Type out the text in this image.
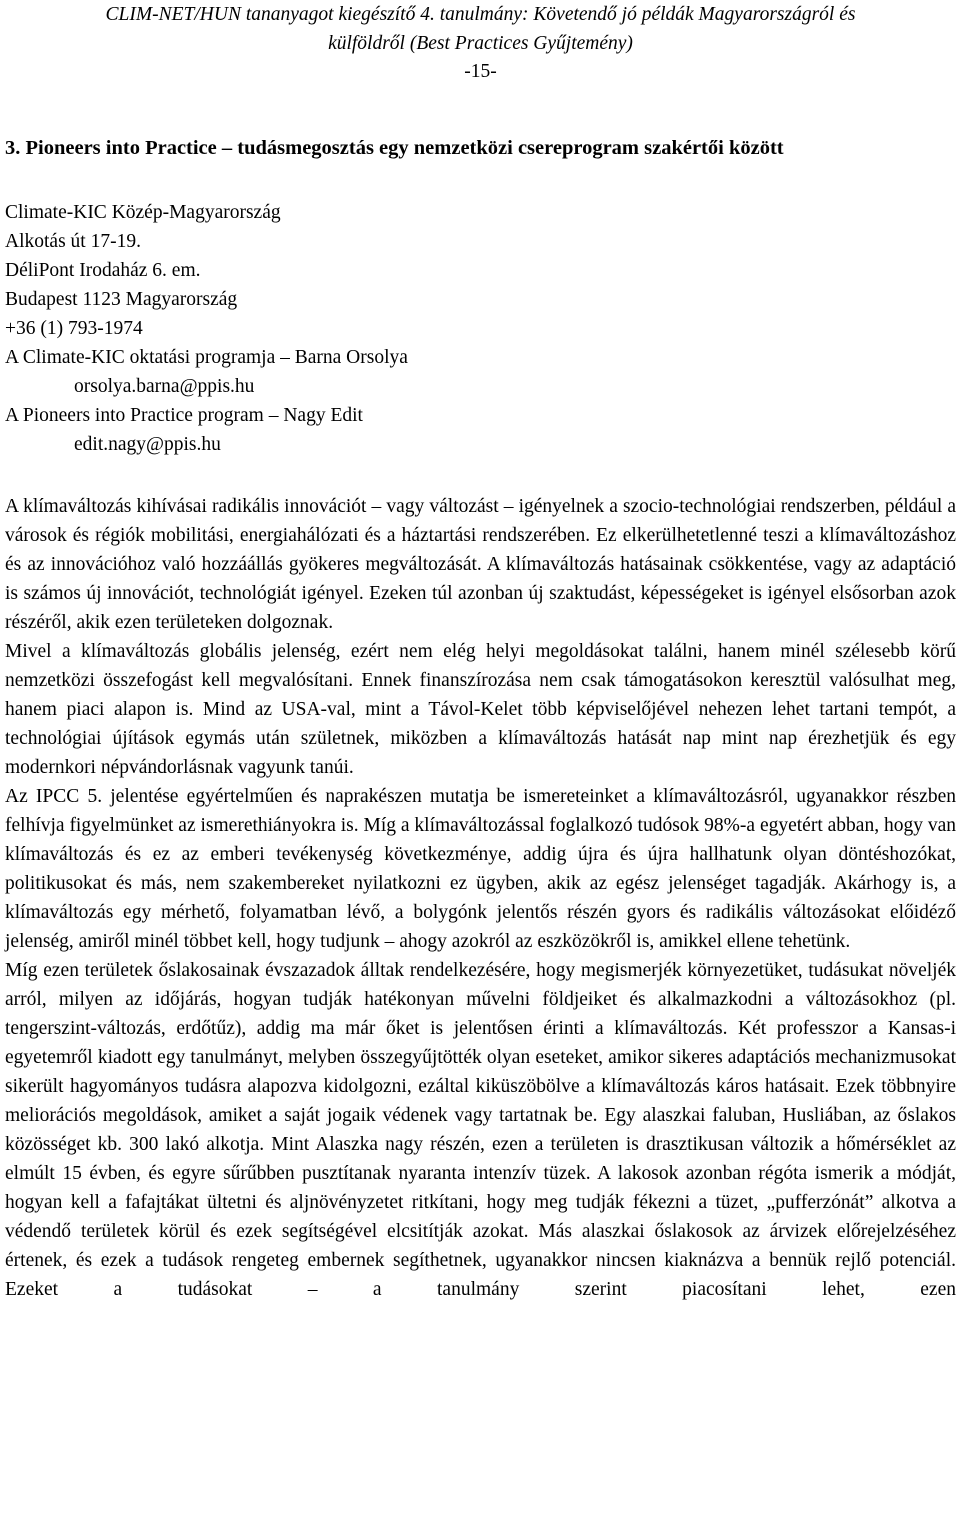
CLIM-NET/HUN tananyagot kiegészítő 4. tanulmány: Követendő jó példák Magyarországról és
külföldről (Best Practices Gyűjtemény)
-15-
3. Pioneers into Practice – tudásmegosztás egy nemzetközi csereprogram szakértői között
Climate-KIC Közép-Magyarország
Alkotás út 17-19.
DéliPont Irodaház 6. em.
Budapest 1123 Magyarország
+36 (1) 793-1974
A Climate-KIC oktatási programja – Barna Orsolya
orsolya.barna@ppis.hu
A Pioneers into Practice program – Nagy Edit
edit.nagy@ppis.hu

A klímaváltozás kihívásai radikális innovációt – vagy változást – igényelnek a szocio-technológiai rendszerben, például a városok és régiók mobilitási, energiahálózati és a háztartási rendszerében. Ez elkerülhetetlenné teszi a klímaváltozáshoz és az innovációhoz való hozzáállás gyökeres megváltozását. A klímaváltozás hatásainak csökkentése, vagy az adaptáció is számos új innovációt, technológiát igényel. Ezeken túl azonban új szaktudást, képességeket is igényel elsősorban azok részéről, akik ezen területeken dolgoznak.

Mivel a klímaváltozás globális jelenség, ezért nem elég helyi megoldásokat találni, hanem minél szélesebb körű nemzetközi összefogást kell megvalósítani. Ennek finanszírozása nem csak támogatásokon keresztül valósulhat meg, hanem piaci alapon is. Mind az USA-val, mint a Távol-Kelet több képviselőjével nehezen lehet tartani tempót, a technológiai újítások egymás után születnek, miközben a klímaváltozás hatását nap mint nap érezhetjük és egy modernkori népvándorlásnak vagyunk tanúi.

Az IPCC 5. jelentése egyértelműen és naprakészen mutatja be ismereteinket a klímaváltozásról, ugyanakkor részben felhívja figyelmünket az ismerethiányokra is. Míg a klímaváltozással foglalkozó tudósok 98%-a egyetért abban, hogy van klímaváltozás és ez az emberi tevékenység következménye, addig újra és újra hallhatunk olyan döntéshozókat, politikusokat és más, nem szakembereket nyilatkozni ez ügyben, akik az egész jelenséget tagadják. Akárhogy is, a klímaváltozás egy mérhető, folyamatban lévő, a bolygónk jelentős részén gyors és radikális változásokat előidéző jelenség, amiről minél többet kell, hogy tudjunk – ahogy azokról az eszközökről is, amikkel ellene tehetünk.

Míg ezen területek őslakosainak évszazadok álltak rendelkezésére, hogy megismerjék környezetüket, tudásukat növeljék arról, milyen az időjárás, hogyan tudják hatékonyan művelni földjeiket és alkalmazkodni a változásokhoz (pl. tengerszint-változás, erdőtűz), addig ma már őket is jelentősen érinti a klímaváltozás. Két professzor a Kansas-i egyetemről kiadott egy tanulmányt, melyben összegyűjtötték olyan eseteket, amikor sikeres adaptációs mechanizmusokat sikerült hagyományos tudásra alapozva kidolgozni, ezáltal kiküszöbölve a klímaváltozás káros hatásait. Ezek többnyire meliorációs megoldások, amiket a saját jogaik védenek vagy tartatnak be. Egy alaszkai faluban, Husliában, az őslakos közösséget kb. 300 lakó alkotja. Mint Alaszka nagy részén, ezen a területen is drasztikusan változik a hőmérséklet az elmúlt 15 évben, és egyre sűrűbben pusztítanak nyaranta intenzív tüzek. A lakosok azonban régóta ismerik a módját, hogyan kell a fafajtákat ültetni és aljnövényzetet ritkítani, hogy meg tudják fékezni a tüzet, „pufferzónát” alkotva a védendő területek körül és ezek segítségével elcsitítják azokat. Más alaszkai őslakosok az árvizek előrejelzéséhez értenek, és ezek a tudások rengeteg embernek segíthetnek, ugyanakkor nincsen kiaknázva a bennük rejlő potenciál. Ezeket a tudásokat – a tanulmány szerint piacosítani lehet, ezen
